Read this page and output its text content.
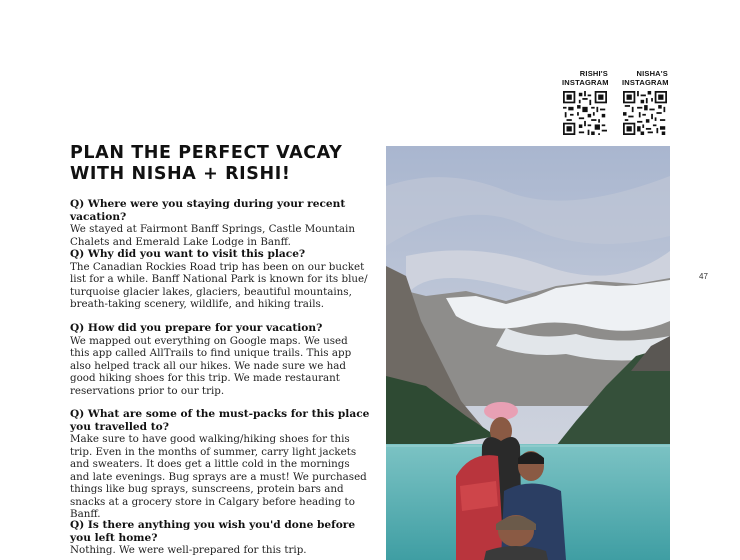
RISHI'S
INSTAGRAM
NISHA'S
INSTAGRAM
PLAN THE PERFECT VACAY
WITH NISHA + RISHI!

Q) Where were you staying during your recent vacation?

We stayed at Fairmont Banff Springs, Castle Mountain Chalets and Emerald Lake Lodge in Banff.

Q) Why did you want to visit this place?

The Canadian Rockies Road trip has been on our bucket list for a while. Banff National Park is known for its blue/ turquoise glacier lakes, glaciers, beautiful mountains, breath-taking scenery, wildlife, and hiking trails.

Q) How did you prepare for your vacation?

We mapped out everything on Google maps. We used this app called AllTrails to find unique trails. This app also helped track all our hikes. We nade sure we had good hiking shoes for this trip. We made restaurant reservations prior to our trip.

Q) What are some of the must-packs for this place you travelled to?

Make sure to have good walking/hiking shoes for this trip. Even in the months of summer, carry light jackets and sweaters. It does get a little cold in the mornings and late evenings. Bug sprays are a must! We purchased things like bug sprays, sunscreens, protein bars and snacks at a grocery store in Calgary before heading to Banff.

Q) Is there anything you wish you'd done before you left home?

Nothing. We were well-prepared for this trip.

47
